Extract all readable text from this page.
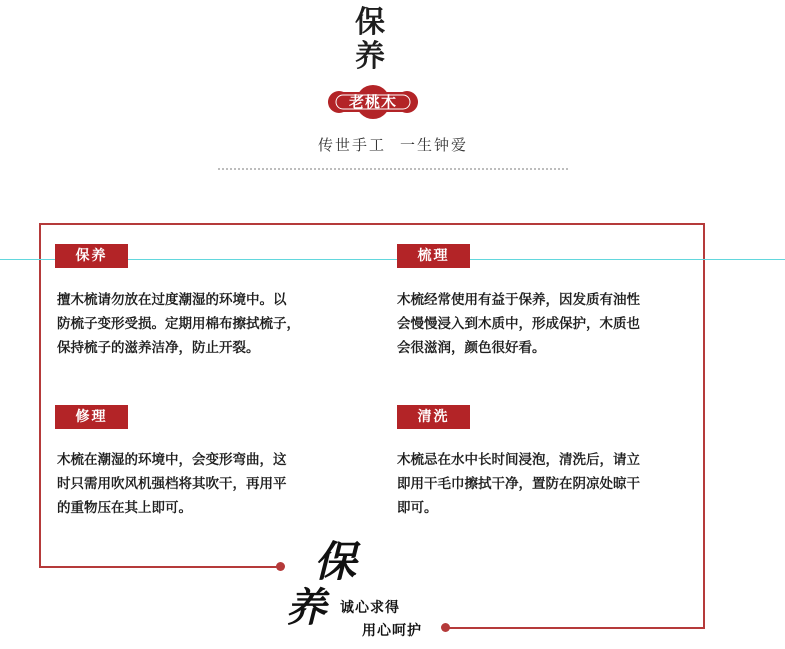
保
养
老桃木
传世手工 一生钟爱
保养
擅木梳请勿放在过度潮湿的环境中。以
防梳子变形受损。定期用棉布擦拭梳子，
保持梳子的滋养洁净，防止开裂。
梳理
木梳经常使用有益于保养，因发质有油性
会慢慢浸入到木质中，形成保护，木质也
会很滋润，颜色很好看。
修理
木梳在潮湿的环境中，会变形弯曲，这
时只需用吹风机强档将其吹干，再用平
的重物压在其上即可。
清洗
木梳忌在水中长时间浸泡，清洗后，请立
即用干毛巾擦拭干净，置防在阴凉处晾干
即可。
保
养 诚心求得
用心呵护
